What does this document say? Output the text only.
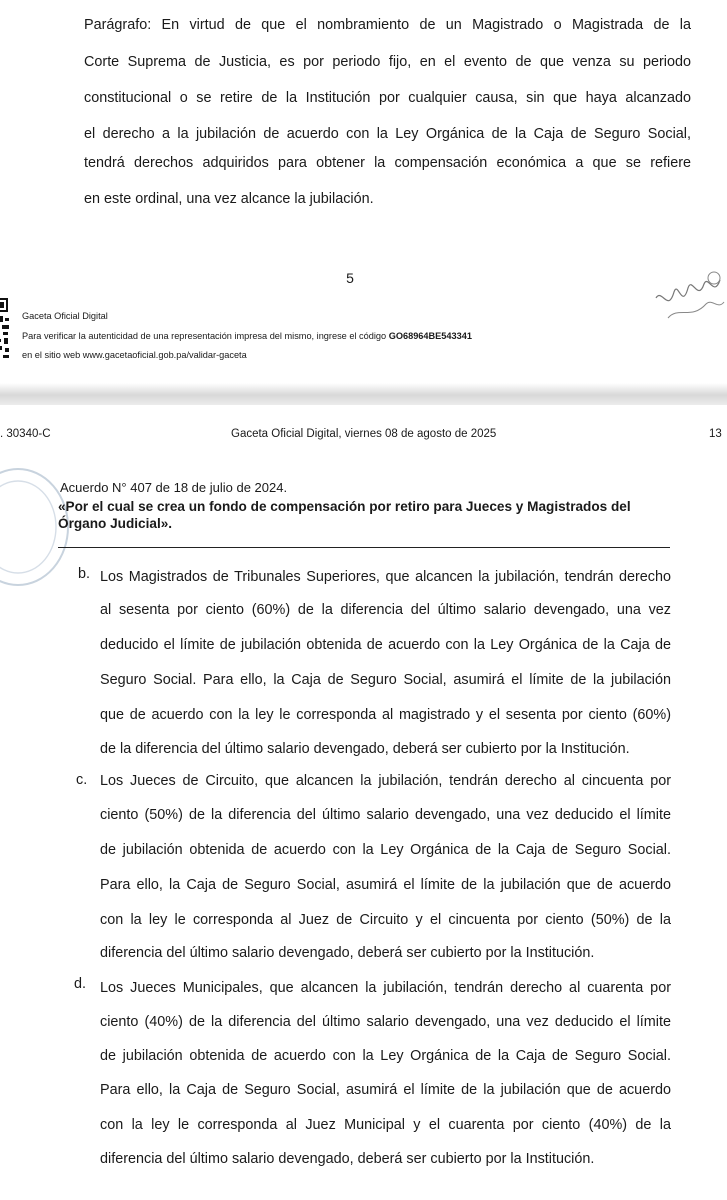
Parágrafo: En virtud de que el nombramiento de un Magistrado o Magistrada de la
Corte Suprema de Justicia, es por periodo fijo, en el evento de que venza su periodo
constitucional o se retire de la Institución por cualquier causa, sin que haya alcanzado
el derecho a la jubilación de acuerdo con la Ley Orgánica de la Caja de Seguro Social,
tendrá derechos adquiridos para obtener la compensación económica a que se refiere
en este ordinal, una vez alcance la jubilación.
5
Gaceta Oficial Digital
Para verificar la autenticidad de una representación impresa del mismo, ingrese el código GO68964BE543341
en el sitio web www.gacetaoficial.gob.pa/validar-gaceta
. 30340-C	Gaceta Oficial Digital, viernes 08 de agosto de 2025	13
Acuerdo N° 407 de 18 de julio de 2024.
«Por el cual se crea un fondo de compensación por retiro para Jueces y Magistrados del
Órgano Judicial».
b. Los Magistrados de Tribunales Superiores, que alcancen la jubilación, tendrán derecho
al sesenta por ciento (60%) de la diferencia del último salario devengado, una vez
deducido el límite de jubilación obtenida de acuerdo con la Ley Orgánica de la Caja de
Seguro Social. Para ello, la Caja de Seguro Social, asumirá el límite de la jubilación
que de acuerdo con la ley le corresponda al magistrado y el sesenta por ciento (60%)
de la diferencia del último salario devengado, deberá ser cubierto por la Institución.
c. Los Jueces de Circuito, que alcancen la jubilación, tendrán derecho al cincuenta por
ciento (50%) de la diferencia del último salario devengado, una vez deducido el límite
de jubilación obtenida de acuerdo con la Ley Orgánica de la Caja de Seguro Social.
Para ello, la Caja de Seguro Social, asumirá el límite de la jubilación que de acuerdo
con la ley le corresponda al Juez de Circuito y el cincuenta por ciento (50%) de la
diferencia del último salario devengado, deberá ser cubierto por la Institución.
d. Los Jueces Municipales, que alcancen la jubilación, tendrán derecho al cuarenta por
ciento (40%) de la diferencia del último salario devengado, una vez deducido el límite
de jubilación obtenida de acuerdo con la Ley Orgánica de la Caja de Seguro Social.
Para ello, la Caja de Seguro Social, asumirá el límite de la jubilación que de acuerdo
con la ley le corresponda al Juez Municipal y el cuarenta por ciento (40%) de la
diferencia del último salario devengado, deberá ser cubierto por la Institución.
